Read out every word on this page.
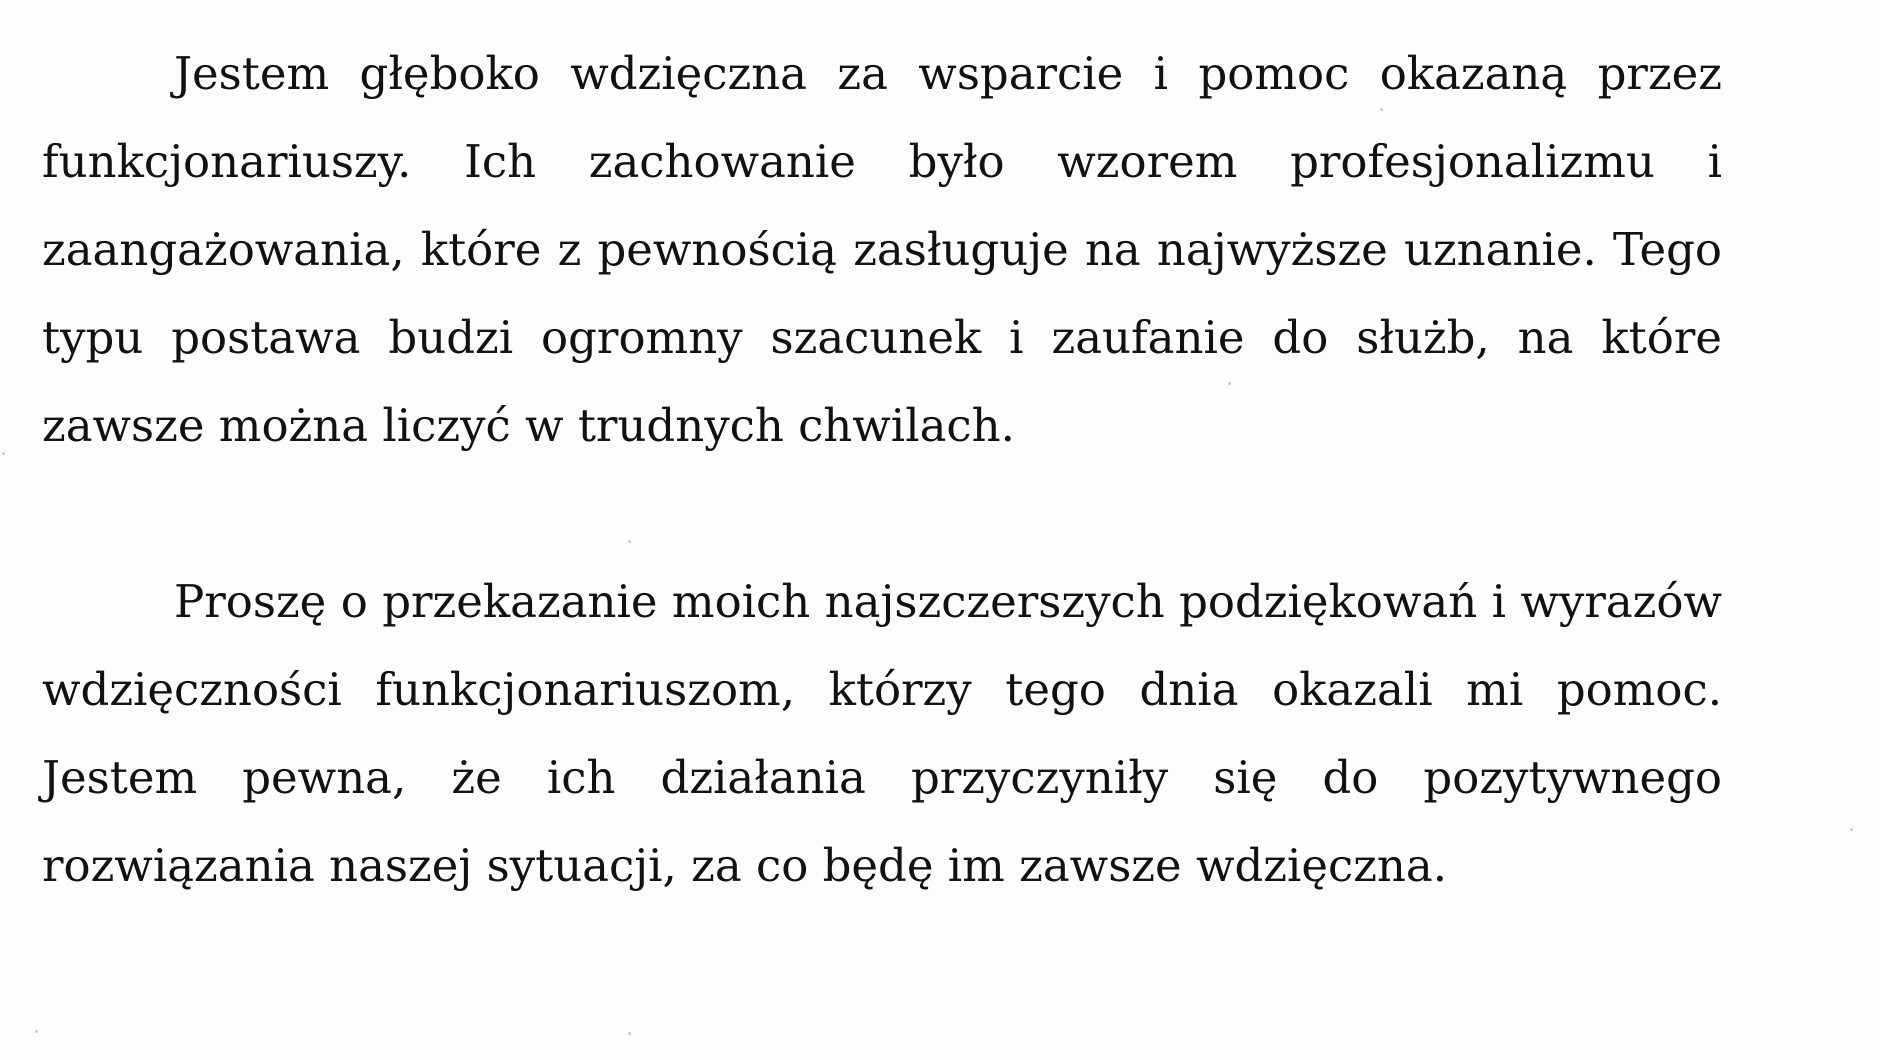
Jestem głęboko wdzięczna za wsparcie i pomoc okazaną przez funkcjonariuszy. Ich zachowanie było wzorem profesjonalizmu i zaangażowania, które z pewnością zasługuje na najwyższe uznanie. Tego typu postawa budzi ogromny szacunek i zaufanie do służb, na które zawsze można liczyć w trudnych chwilach.

Proszę o przekazanie moich najszczerszych podziękowań i wyrazów wdzięczności funkcjonariuszom, którzy tego dnia okazali mi pomoc. Jestem pewna, że ich działania przyczyniły się do pozytywnego rozwiązania naszej sytuacji, za co będę im zawsze wdzięczna.
